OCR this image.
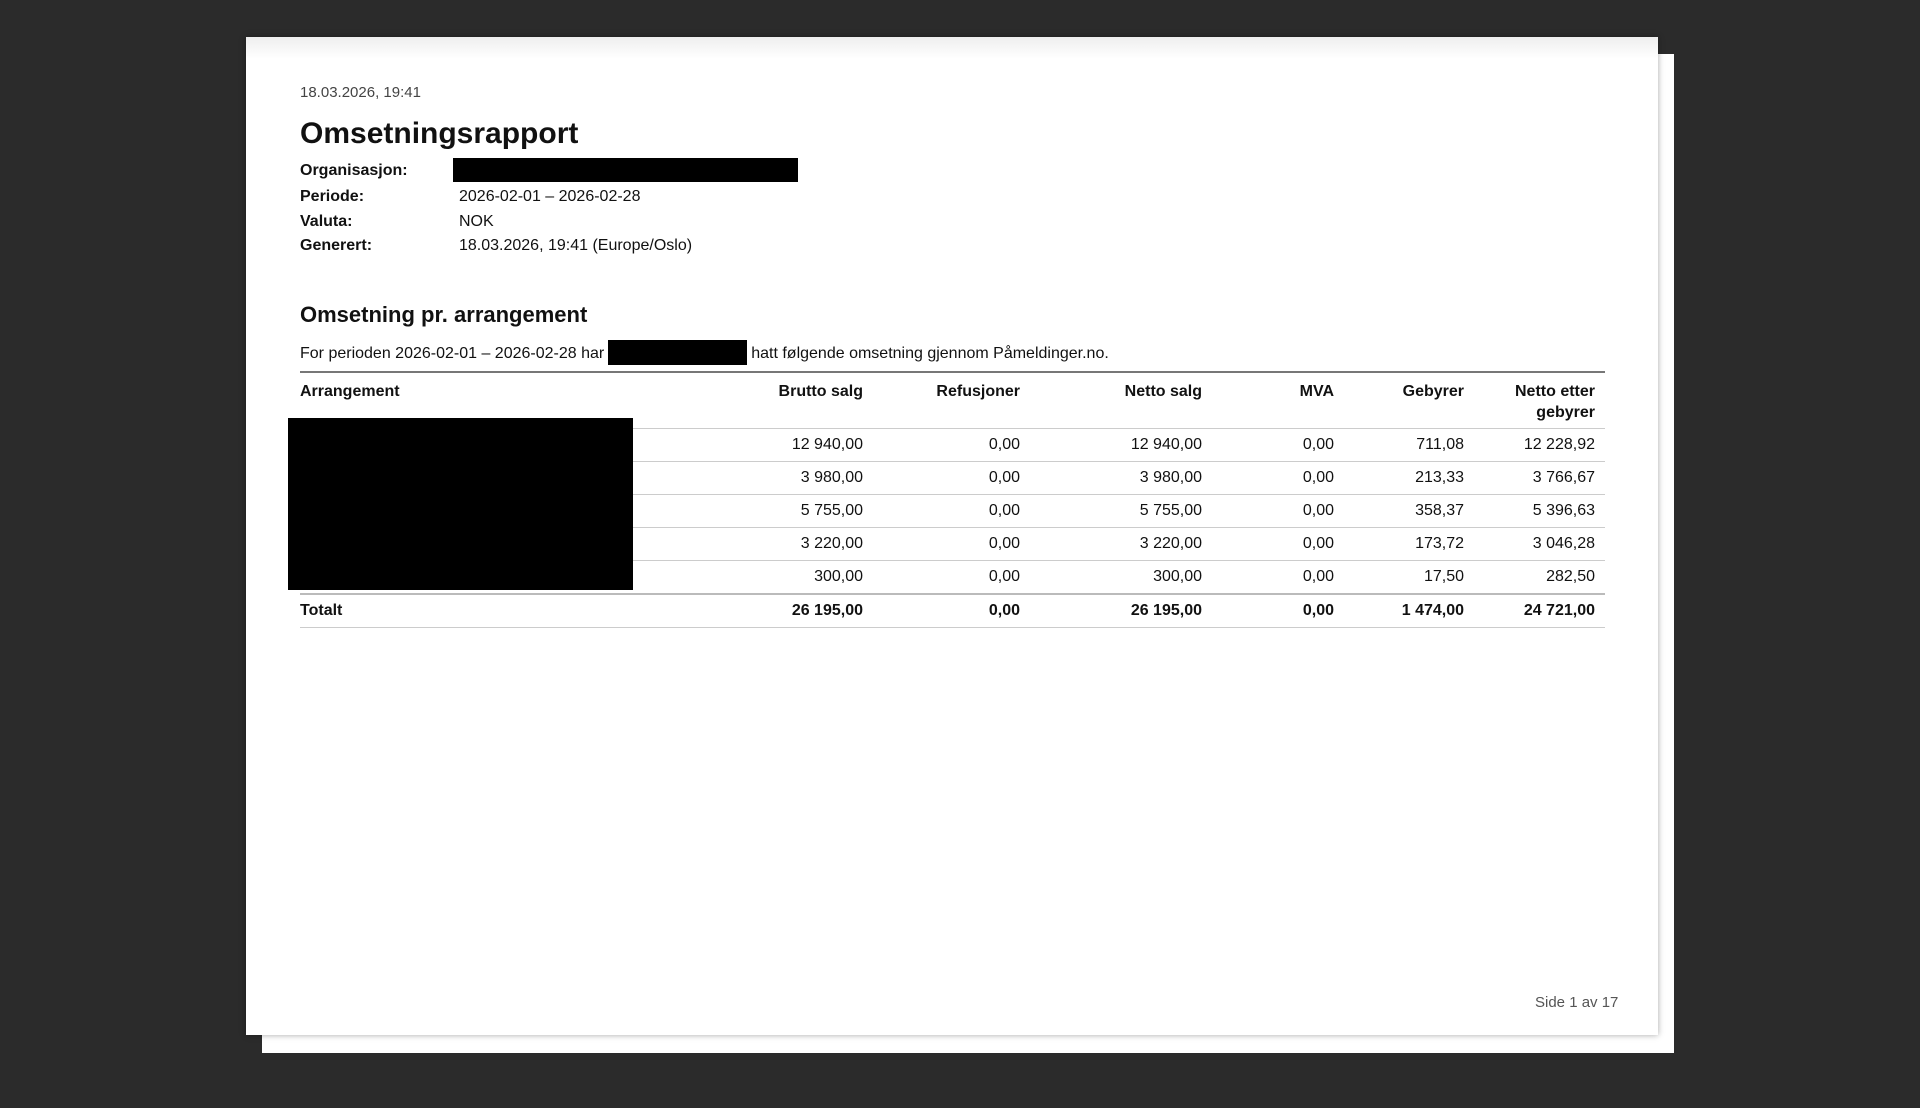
18.03.2026, 19:41
Omsetningsrapport
Organisasjon:
Periode:	2026-02-01 – 2026-02-28
Valuta:	NOK
Generert:	18.03.2026, 19:41 (Europe/Oslo)
Omsetning pr. arrangement
For perioden 2026-02-01 – 2026-02-28 har	hatt følgende omsetning gjennom Påmeldinger.no.
Arrangement	Brutto salg	Refusjoner	Netto salg	MVA	Gebyrer	Netto etter gebyrer
	12 940,00	0,00	12 940,00	0,00	711,08	12 228,92
	3 980,00	0,00	3 980,00	0,00	213,33	3 766,67
	5 755,00	0,00	5 755,00	0,00	358,37	5 396,63
	3 220,00	0,00	3 220,00	0,00	173,72	3 046,28
	300,00	0,00	300,00	0,00	17,50	282,50
Totalt	26 195,00	0,00	26 195,00	0,00	1 474,00	24 721,00
Side 1 av 17
